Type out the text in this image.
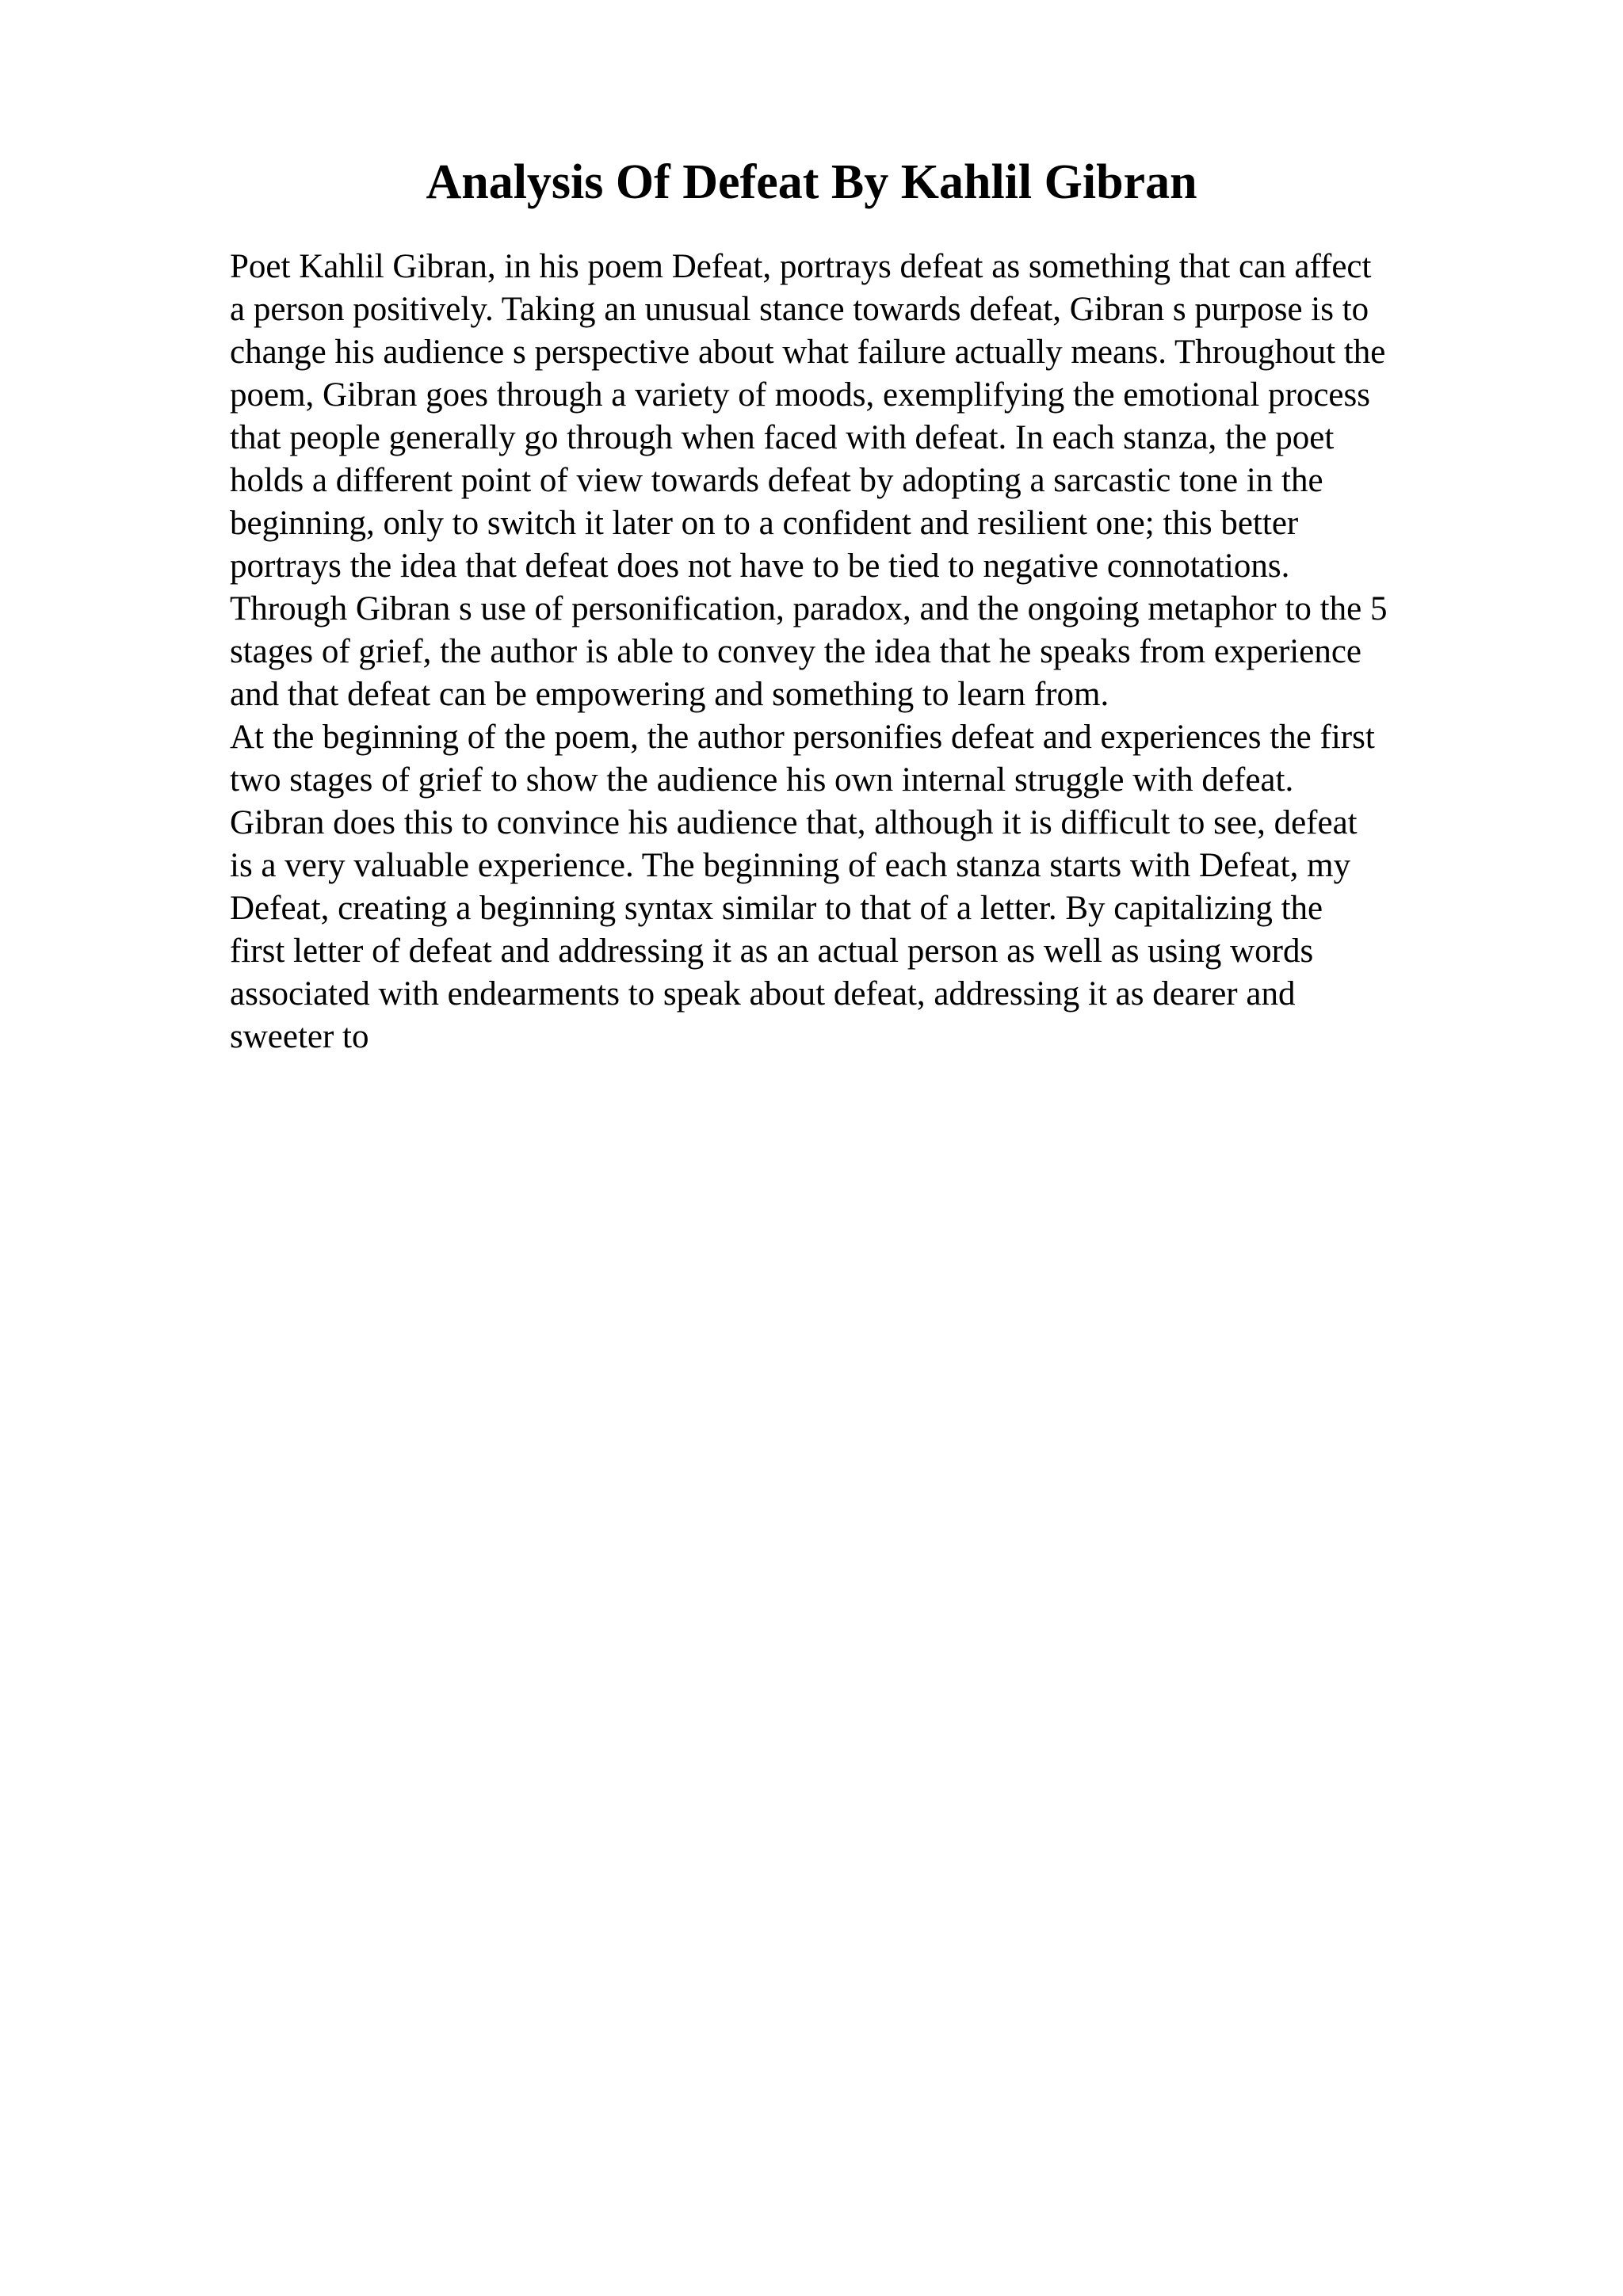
Analysis Of Defeat By Kahlil Gibran
Poet Kahlil Gibran, in his poem Defeat, portrays defeat as something that can affect
a person positively. Taking an unusual stance towards defeat, Gibran s purpose is to
change his audience s perspective about what failure actually means. Throughout the
poem, Gibran goes through a variety of moods, exemplifying the emotional process
that people generally go through when faced with defeat. In each stanza, the poet
holds a different point of view towards defeat by adopting a sarcastic tone in the
beginning, only to switch it later on to a confident and resilient one; this better
portrays the idea that defeat does not have to be tied to negative connotations.
Through Gibran s use of personification, paradox, and the ongoing metaphor to the 5
stages of grief, the author is able to convey the idea that he speaks from experience
and that defeat can be empowering and something to learn from.
At the beginning of the poem, the author personifies defeat and experiences the first
two stages of grief to show the audience his own internal struggle with defeat.
Gibran does this to convince his audience that, although it is difficult to see, defeat
is a very valuable experience. The beginning of each stanza starts with Defeat, my
Defeat, creating a beginning syntax similar to that of a letter. By capitalizing the
first letter of defeat and addressing it as an actual person as well as using words
associated with endearments to speak about defeat, addressing it as dearer and
sweeter to
